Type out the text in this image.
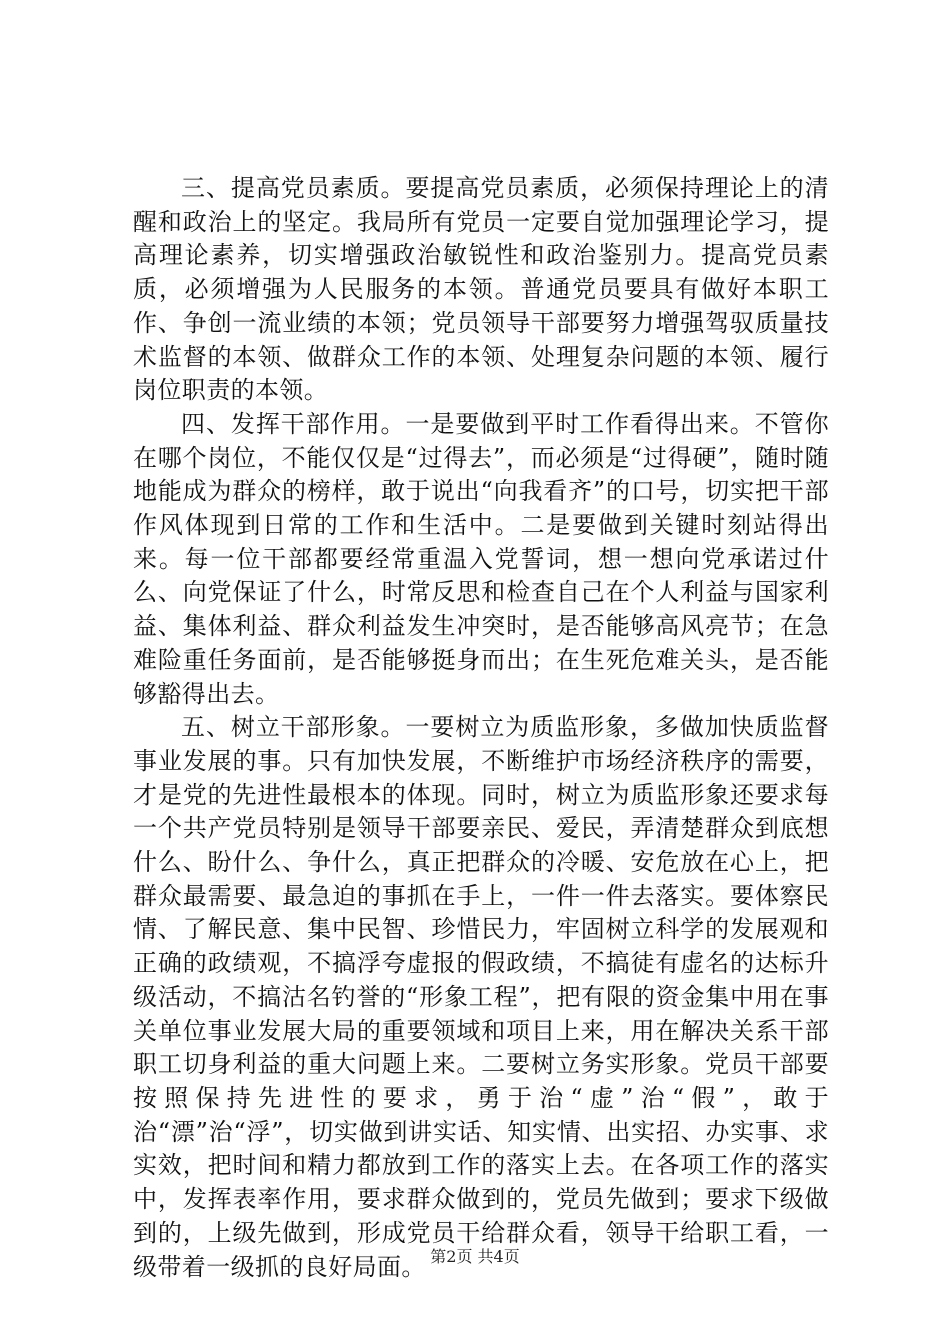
三、提高党员素质。要提高党员素质，必须保持理论上的清醒和政治上的坚定。我局所有党员一定要自觉加强理论学习，提高理论素养，切实增强政治敏锐性和政治鉴别力。提高党员素质，必须增强为人民服务的本领。普通党员要具有做好本职工作、争创一流业绩的本领；党员领导干部要努力增强驾驭质量技术监督的本领、做群众工作的本领、处理复杂问题的本领、履行岗位职责的本领。

四、发挥干部作用。一是要做到平时工作看得出来。不管你在哪个岗位，不能仅仅是“过得去”，而必须是“过得硬”，随时随地能成为群众的榜样，敢于说出“向我看齐”的口号，切实把干部作风体现到日常的工作和生活中。二是要做到关键时刻站得出来。每一位干部都要经常重温入党誓词，想一想向党承诺过什么、向党保证了什么，时常反思和检查自己在个人利益与国家利益、集体利益、群众利益发生冲突时，是否能够高风亮节；在急难险重任务面前，是否能够挺身而出；在生死危难关头，是否能够豁得出去。

五、树立干部形象。一要树立为质监形象，多做加快质监督事业发展的事。只有加快发展，不断维护市场经济秩序的需要，才是党的先进性最根本的体现。同时，树立为质监形象还要求每一个共产党员特别是领导干部要亲民、爱民，弄清楚群众到底想什么、盼什么、争什么，真正把群众的冷暖、安危放在心上，把群众最需要、最急迫的事抓在手上，一件一件去落实。要体察民情、了解民意、集中民智、珍惜民力，牢固树立科学的发展观和正确的政绩观，不搞浮夸虚报的假政绩，不搞徒有虚名的达标升级活动，不搞沽名钓誉的“形象工程”，把有限的资金集中用在事关单位事业发展大局的重要领域和项目上来，用在解决关系干部职工切身利益的重大问题上来。二要树立务实形象。党员干部要按照保持先进性的要求，勇于治“虚”治“假”，敢于治“漂”治“浮”，切实做到讲实话、知实情、出实招、办实事、求实效，把时间和精力都放到工作的落实上去。在各项工作的落实中，发挥表率作用，要求群众做到的，党员先做到；要求下级做到的，上级先做到，形成党员干给群众看，领导干给职工看，一级带着一级抓的良好局面。 第2页 共4页
